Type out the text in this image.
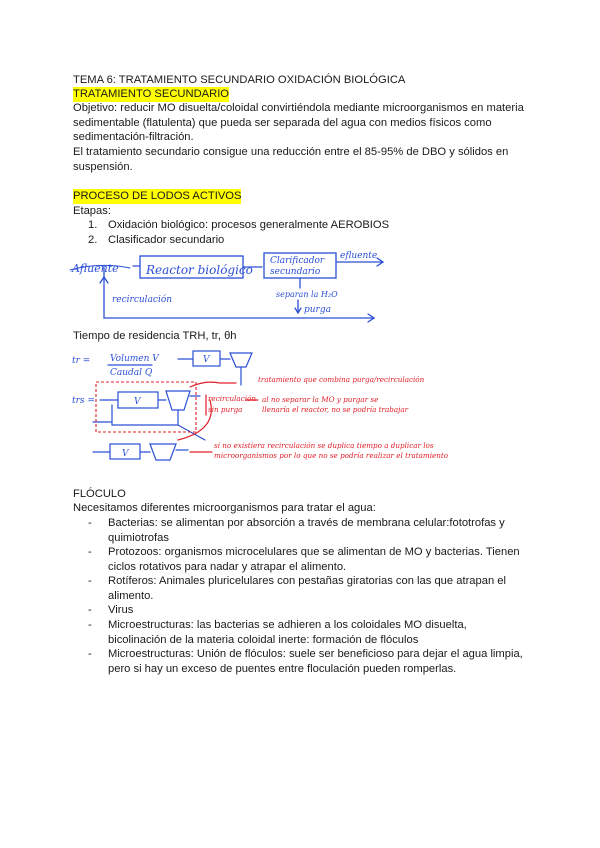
TEMA 6: TRATAMIENTO SECUNDARIO OXIDACIÓN BIOLÓGICA
TRATAMIENTO SECUNDARIO
Objetivo: reducir MO disuelta/coloidal convirtiéndola mediante microorganismos en materia sedimentable (flatulenta) que pueda ser separada del agua con medios físicos como sedimentación-filtración.
El tratamiento secundario consigue una reducción entre el 85-95% de DBO y sólidos en suspensión.
PROCESO DE LODOS ACTIVOS
Etapas:
1. Oxidación biológico: procesos generalmente AEROBIOS
2. Clasificador secundario
Afluente Reactor biológico
Clarificador
secundario
efluente
recirculación
separan la H₂O
purga
Tiempo de residencia TRH, tr, θh
tr = Volumen V
Caudal Q
V
trs =	V
V
tratamiento que combina purga/recirculación
recirculación
sin purga
al no separar la MO y purgar se
llenaría el reactor, no se podría trabajar
si no existiera recirculación se duplica tiempo a duplicar los
microorganismos por lo que no se podría realizar el tratamiento
FLÓCULO
Necesitamos diferentes microorganismos para tratar el agua:
- Bacterias: se alimentan por absorción a través de membrana celular:fototrofas y quimiotrofas
- Protozoos: organismos microcelulares que se alimentan de MO y bacterias. Tienen ciclos rotativos para nadar y atrapar el alimento.
- Rotíferos: Animales pluricelulares con pestañas giratorias con las que atrapan el alimento.
- Virus
- Microestructuras: las bacterias se adhieren a los coloidales MO disuelta, bicolinación de la materia coloidal inerte: formación de flóculos
- Microestructuras: Unión de flóculos: suele ser beneficioso para dejar el agua limpia, pero si hay un exceso de puentes entre floculación pueden romperlas.
